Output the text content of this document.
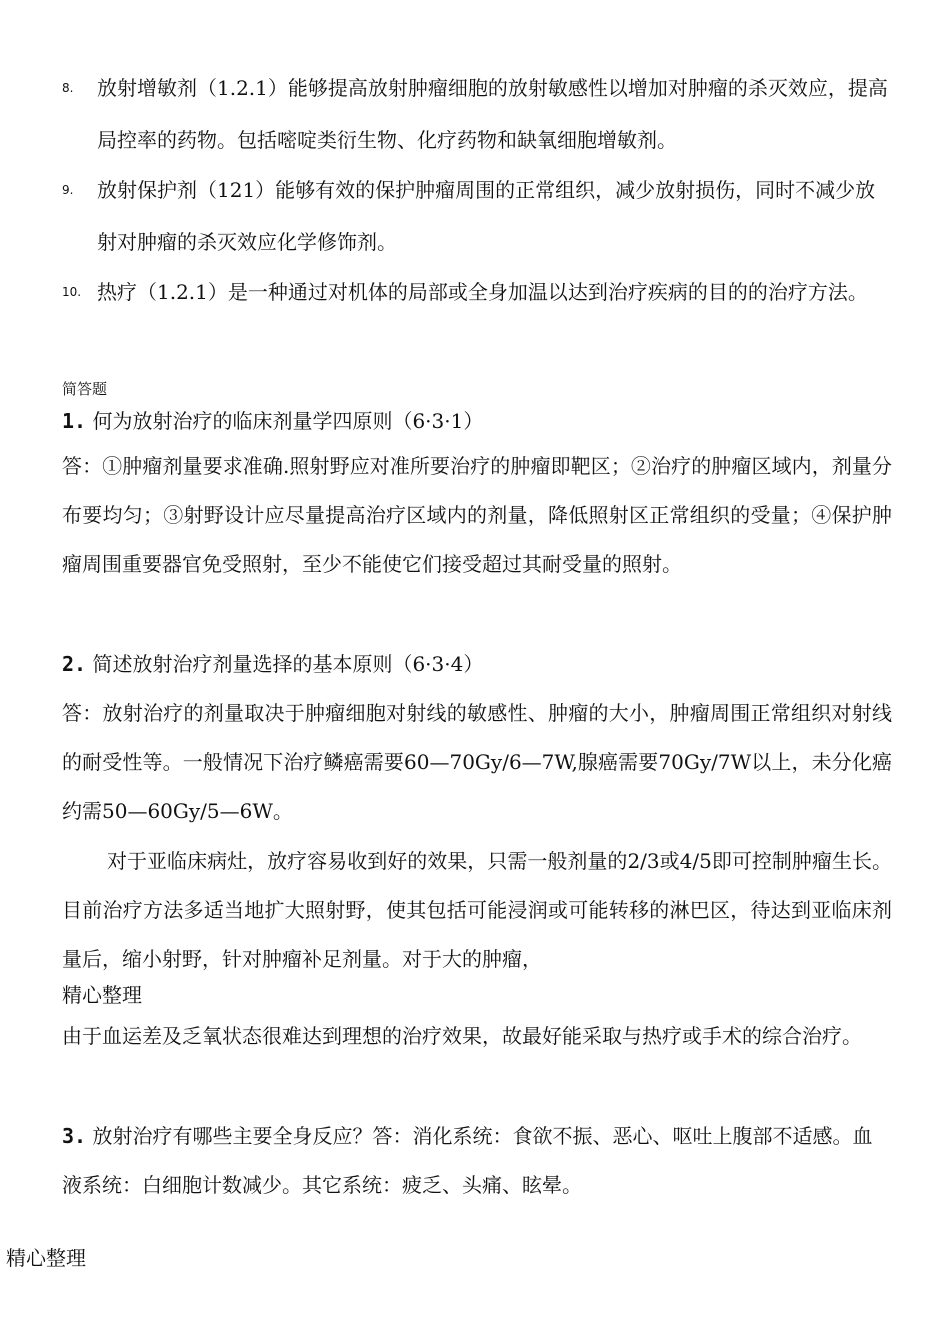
8.	放射增敏剂（1.2.1）能够提高放射肿瘤细胞的放射敏感性以增加对肿瘤的杀灭效应，提高局控率的药物。包括嘧啶类衍生物、化疗药物和缺氧细胞增敏剂。
9.	放射保护剂（121）能够有效的保护肿瘤周围的正常组织，减少放射损伤，同时不减少放射对肿瘤的杀灭效应化学修饰剂。
10. 热疗（1.2.1）是一种通过对机体的局部或全身加温以达到治疗疾病的目的的治疗方法。
简答题
1. 何为放射治疗的临床剂量学四原则（6·3·1）
答：①肿瘤剂量要求准确.照射野应对准所要治疗的肿瘤即靶区；②治疗的肿瘤区域内，剂量分布要均匀；③射野设计应尽量提高治疗区域内的剂量，降低照射区正常组织的受量；④保护肿瘤周围重要器官免受照射，至少不能使它们接受超过其耐受量的照射。
2. 简述放射治疗剂量选择的基本原则（6·3·4）
答：放射治疗的剂量取决于肿瘤细胞对射线的敏感性、肿瘤的大小，肿瘤周围正常组织对射线的耐受性等。一般情况下治疗鳞癌需要60—70Gy/6—7W,腺癌需要70Gy/7W以上，未分化癌约需50—60Gy/5—6W。
对于亚临床病灶，放疗容易收到好的效果，只需一般剂量的2/3或4/5即可控制肿瘤生长。目前治疗方法多适当地扩大照射野，使其包括可能浸润或可能转移的淋巴区，待达到亚临床剂量后，缩小射野，针对肿瘤补足剂量。对于大的肿瘤，
精心整理
由于血运差及乏氧状态很难达到理想的治疗效果，故最好能采取与热疗或手术的综合治疗。
3. 放射治疗有哪些主要全身反应？答：消化系统：食欲不振、恶心、呕吐上腹部不适感。血液系统：白细胞计数减少。其它系统：疲乏、头痛、眩晕。
精心整理
